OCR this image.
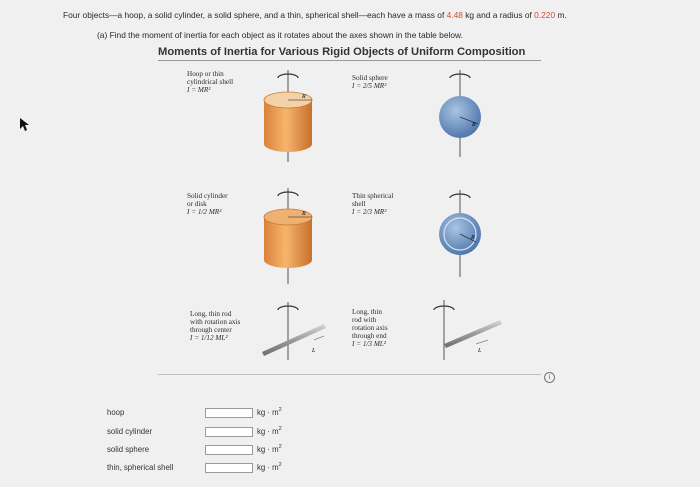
Four objects—a hoop, a solid cylinder, a solid sphere, and a thin, spherical shell—each have a mass of 4.48 kg and a radius of 0.220 m.
(a) Find the moment of inertia for each object as it rotates about the axes shown in the table below.
Moments of Inertia for Various Rigid Objects of Uniform Composition
Hoop or thin
cylindrical shell
I = MR²
Solid sphere
I = 2/5 MR²
Solid cylinder
or disk
I = 1/2 MR²
Thin spherical
shell
I = 2/3 MR²
Long, thin rod
with rotation axis
through center
I = 1/12 ML²
Long, thin
rod with
rotation axis
through end
I = 1/3 ML²
R
R
R
R
L	L
i
hoop	kg · $m^2$
solid cylinder	kg · $m^2$
solid sphere	kg · $m^2$
thin, spherical shell	kg · $m^2$
